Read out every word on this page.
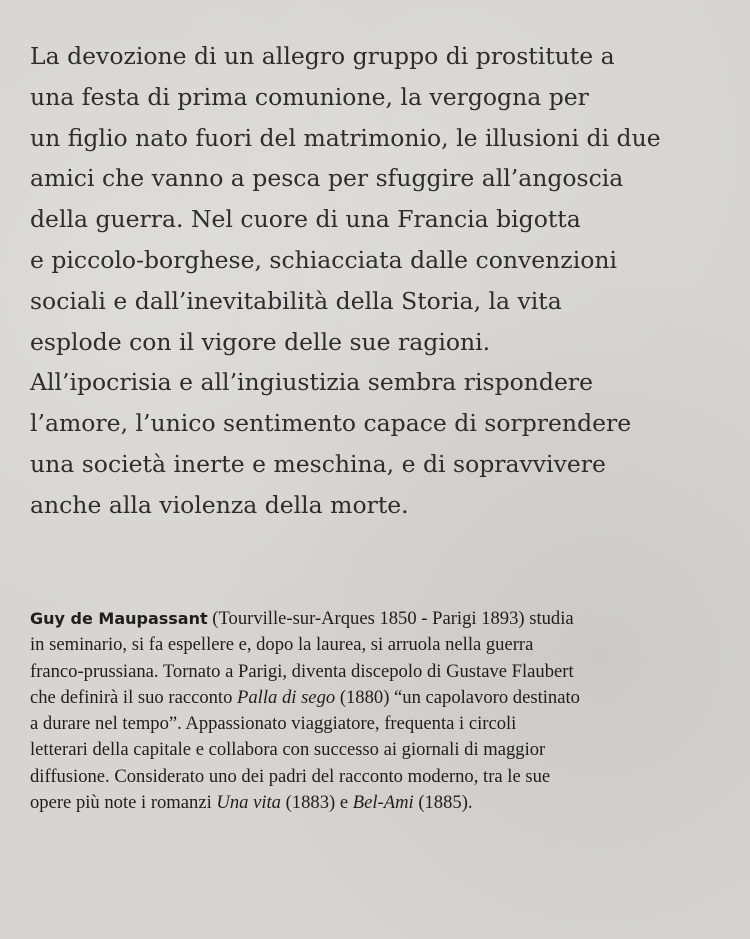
La devozione di un allegro gruppo di prostitute a
una festa di prima comunione, la vergogna per
un figlio nato fuori del matrimonio, le illusioni di due
amici che vanno a pesca per sfuggire all’angoscia
della guerra. Nel cuore di una Francia bigotta
e piccolo-borghese, schiacciata dalle convenzioni
sociali e dall’inevitabilità della Storia, la vita
esplode con il vigore delle sue ragioni.
All’ipocrisia e all’ingiustizia sembra rispondere
l’amore, l’unico sentimento capace di sorprendere
una società inerte e meschina, e di sopravvivere
anche alla violenza della morte.
Guy de Maupassant (Tourville-sur-Arques 1850 - Parigi 1893) studia
in seminario, si fa espellere e, dopo la laurea, si arruola nella guerra
franco-prussiana. Tornato a Parigi, diventa discepolo di Gustave Flaubert
che definirà il suo racconto Palla di sego (1880) “un capolavoro destinato
a durare nel tempo”. Appassionato viaggiatore, frequenta i circoli
letterari della capitale e collabora con successo ai giornali di maggior
diffusione. Considerato uno dei padri del racconto moderno, tra le sue
opere più note i romanzi Una vita (1883) e Bel-Ami (1885).
